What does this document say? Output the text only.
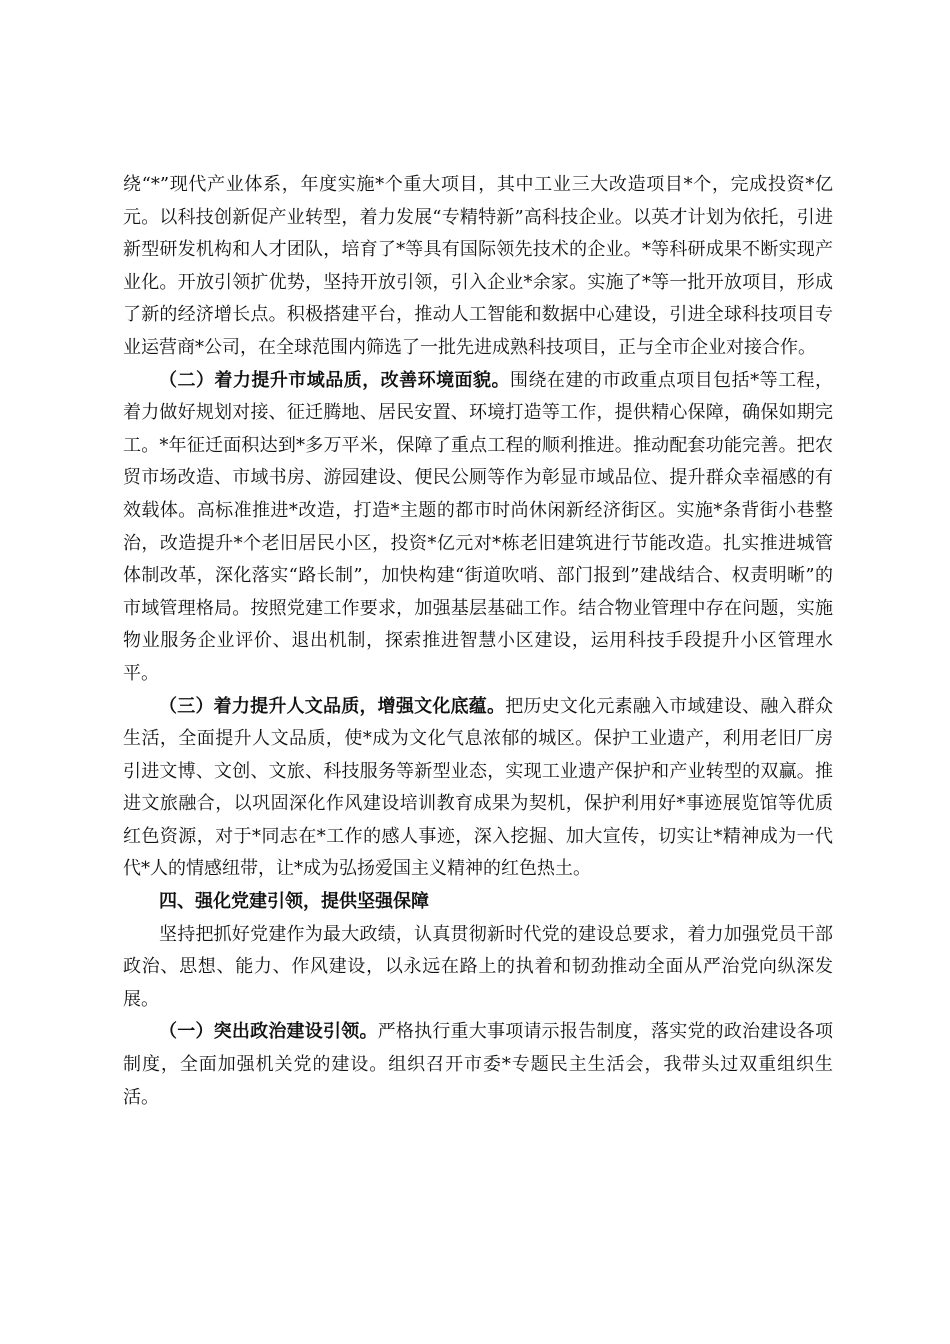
绕“*”现代产业体系，年度实施*个重大项目，其中工业三大改造项目*个，完成投资*亿元。以科技创新促产业转型，着力发展“专精特新”高科技企业。以英才计划为依托，引进新型研发机构和人才团队，培育了*等具有国际领先技术的企业。*等科研成果不断实现产业化。开放引领扩优势，坚持开放引领，引入企业*余家。实施了*等一批开放项目，形成了新的经济增长点。积极搭建平台，推动人工智能和数据中心建设，引进全球科技项目专业运营商*公司，在全球范围内筛选了一批先进成熟科技项目，正与全市企业对接合作。

（二）着力提升市域品质，改善环境面貌。围绕在建的市政重点项目包括*等工程，着力做好规划对接、征迁腾地、居民安置、环境打造等工作，提供精心保障，确保如期完工。*年征迁面积达到*多万平米，保障了重点工程的顺利推进。推动配套功能完善。把农贸市场改造、市域书房、游园建设、便民公厕等作为彰显市域品位、提升群众幸福感的有效载体。高标准推进*改造，打造*主题的都市时尚休闲新经济街区。实施*条背街小巷整治，改造提升*个老旧居民小区，投资*亿元对*栋老旧建筑进行节能改造。扎实推进城管体制改革，深化落实“路长制”，加快构建“街道吹哨、部门报到”建战结合、权责明晰”的市域管理格局。按照党建工作要求，加强基层基础工作。结合物业管理中存在问题，实施物业服务企业评价、退出机制，探索推进智慧小区建设，运用科技手段提升小区管理水平。

（三）着力提升人文品质，增强文化底蕴。把历史文化元素融入市域建设、融入群众生活，全面提升人文品质，使*成为文化气息浓郁的城区。保护工业遗产，利用老旧厂房引进文博、文创、文旅、科技服务等新型业态，实现工业遗产保护和产业转型的双赢。推进文旅融合，以巩固深化作风建设培训教育成果为契机，保护利用好*事迹展览馆等优质红色资源，对于*同志在*工作的感人事迹，深入挖掘、加大宣传，切实让*精神成为一代代*人的情感纽带，让*成为弘扬爱国主义精神的红色热土。

四、强化党建引领，提供坚强保障

坚持把抓好党建作为最大政绩，认真贯彻新时代党的建设总要求，着力加强党员干部政治、思想、能力、作风建设，以永远在路上的执着和韧劲推动全面从严治党向纵深发展。

（一）突出政治建设引领。严格执行重大事项请示报告制度，落实党的政治建设各项制度，全面加强机关党的建设。组织召开市委*专题民主生活会，我带头过双重组织生活。
